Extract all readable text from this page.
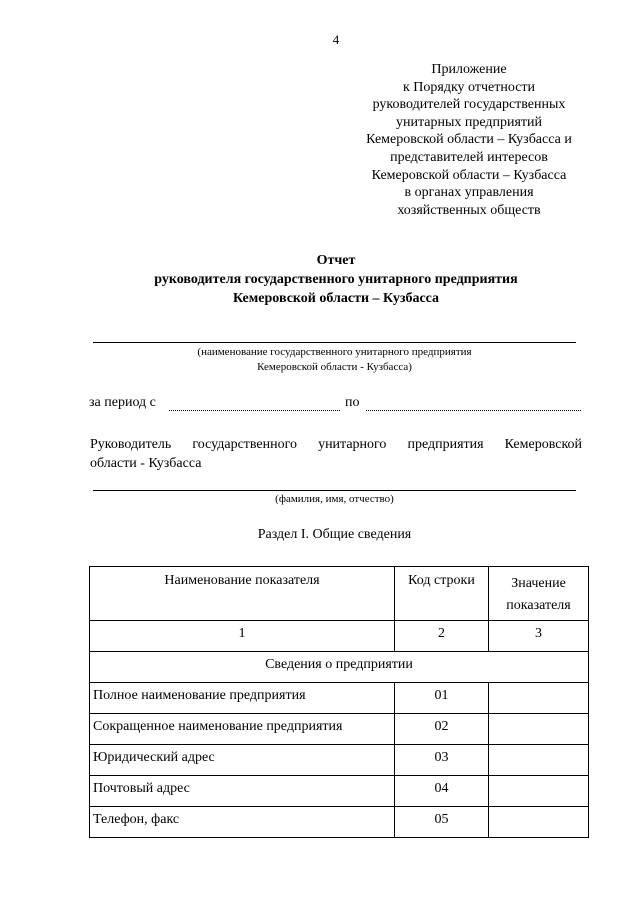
4
Приложение
к Порядку отчетности
руководителей государственных
унитарных предприятий
Кемеровской области – Кузбасса и
представителей интересов
Кемеровской области – Кузбасса
в органах управления
хозяйственных обществ
Отчет
руководителя государственного унитарного предприятия
Кемеровской области – Кузбасса
(наименование государственного унитарного предприятия
Кемеровской области - Кузбасса)
за период с	по
Руководитель государственного унитарного предприятия Кемеровской
области - Кузбасса
(фамилия, имя, отчество)
Раздел I. Общие сведения
Наименование показателя	Код строки	Значение
показателя

1	2	3
Сведения о предприятии		
Полное наименование предприятия	01	
Сокращенное наименование предприятия	02	
Юридический адрес	03	
Почтовый адрес	04	
Телефон, факс	05	
